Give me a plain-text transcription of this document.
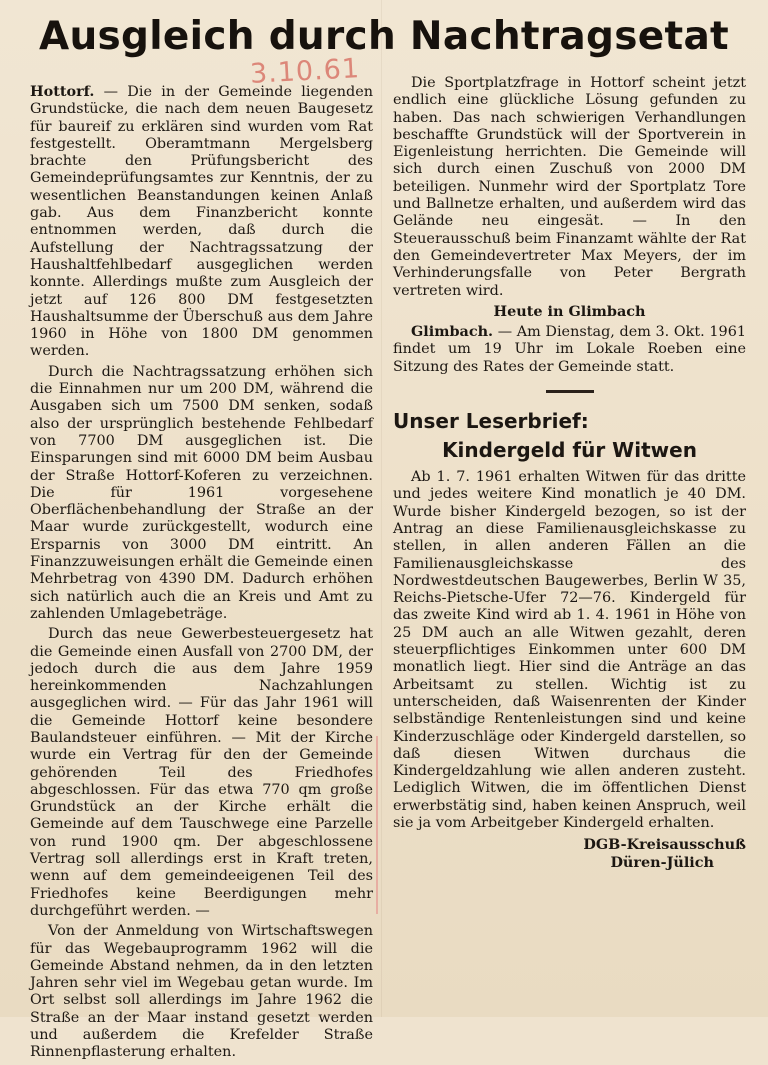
Ausgleich durch Nachtragsetat
3.10.61

Hottorf. — Die in der Gemeinde liegenden Grundstücke, die nach dem neuen Baugesetz für baureif zu erklären sind wurden vom Rat festgestellt. Oberamtmann Mergelsberg brachte den Prüfungsbericht des Gemeindeprüfungsamtes zur Kenntnis, der zu wesentlichen Beanstandungen keinen Anlaß gab. Aus dem Finanzbericht konnte entnommen werden, daß durch die Aufstellung der Nachtragssatzung der Haushaltfehlbedarf ausgeglichen werden konnte. Allerdings mußte zum Ausgleich der jetzt auf 126 800 DM festgesetzten Haushaltsumme der Überschuß aus dem Jahre 1960 in Höhe von 1800 DM genommen werden.

Durch die Nachtragssatzung erhöhen sich die Einnahmen nur um 200 DM, während die Ausgaben sich um 7500 DM senken, sodaß also der ursprünglich bestehende Fehlbedarf von 7700 DM ausgeglichen ist. Die Einsparungen sind mit 6000 DM beim Ausbau der Straße Hottorf-Koferen zu verzeichnen. Die für 1961 vorgesehene Oberflächenbehandlung der Straße an der Maar wurde zurückgestellt, wodurch eine Ersparnis von 3000 DM eintritt. An Finanzzuweisungen erhält die Gemeinde einen Mehrbetrag von 4390 DM. Dadurch erhöhen sich natürlich auch die an Kreis und Amt zu zahlenden Umlagebeträge.

Durch das neue Gewerbesteuergesetz hat die Gemeinde einen Ausfall von 2700 DM, der jedoch durch die aus dem Jahre 1959 hereinkommenden Nachzahlungen ausgeglichen wird. — Für das Jahr 1961 will die Gemeinde Hottorf keine besondere Baulandsteuer einführen. — Mit der Kirche wurde ein Vertrag für den der Gemeinde gehörenden Teil des Friedhofes abgeschlossen. Für das etwa 770 qm große Grundstück an der Kirche erhält die Gemeinde auf dem Tauschwege eine Parzelle von rund 1900 qm. Der abgeschlossene Vertrag soll allerdings erst in Kraft treten, wenn auf dem gemeindeeigenen Teil des Friedhofes keine Beerdigungen mehr durchgeführt werden. —

Von der Anmeldung von Wirtschaftswegen für das Wegebauprogramm 1962 will die Gemeinde Abstand nehmen, da in den letzten Jahren sehr viel im Wegebau getan wurde. Im Ort selbst soll allerdings im Jahre 1962 die Straße an der Maar instand gesetzt werden und außerdem die Krefelder Straße Rinnenpflasterung erhalten.

Die Sportplatzfrage in Hottorf scheint jetzt endlich eine glückliche Lösung gefunden zu haben. Das nach schwierigen Verhandlungen beschaffte Grundstück will der Sportverein in Eigenleistung herrichten. Die Gemeinde will sich durch einen Zuschuß von 2000 DM beteiligen. Nunmehr wird der Sportplatz Tore und Ballnetze erhalten, und außerdem wird das Gelände neu eingesät. — In den Steuerausschuß beim Finanzamt wählte der Rat den Gemeindevertreter Max Meyers, der im Verhinderungsfalle von Peter Bergrath vertreten wird.

Heute in Glimbach

Glimbach. — Am Dienstag, dem 3. Okt. 1961 findet um 19 Uhr im Lokale Roeben eine Sitzung des Rates der Gemeinde statt.

Unser Leserbrief:
Kindergeld für Witwen

Ab 1. 7. 1961 erhalten Witwen für das dritte und jedes weitere Kind monatlich je 40 DM. Wurde bisher Kindergeld bezogen, so ist der Antrag an diese Familienausgleichskasse zu stellen, in allen anderen Fällen an die Familienausgleichskasse des Nordwestdeutschen Baugewerbes, Berlin W 35, Reichs-Pietsche-Ufer 72—76. Kindergeld für das zweite Kind wird ab 1. 4. 1961 in Höhe von 25 DM auch an alle Witwen gezahlt, deren steuerpflichtiges Einkommen unter 600 DM monatlich liegt. Hier sind die Anträge an das Arbeitsamt zu stellen. Wichtig ist zu unterscheiden, daß Waisenrenten der Kinder selbständige Rentenleistungen sind und keine Kinderzuschläge oder Kindergeld darstellen, so daß diesen Witwen durchaus die Kindergeldzahlung wie allen anderen zusteht. Lediglich Witwen, die im öffentlichen Dienst erwerbstätig sind, haben keinen Anspruch, weil sie ja vom Arbeitgeber Kindergeld erhalten.

DGB-Kreisausschuß
Düren-Jülich
